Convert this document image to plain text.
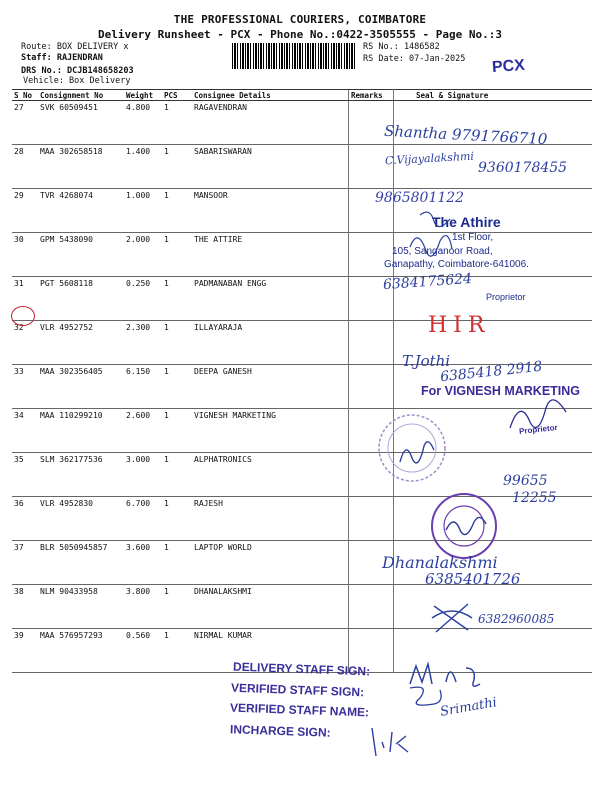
THE PROFESSIONAL COURIERS, COIMBATORE
Delivery Runsheet - PCX - Phone No.:0422-3505555 - Page No.:3
Route: BOX DELIVERY x
Staff: RAJENDRAN
DRS No.: DCJB148658203
Vehicle: Box Delivery
RS No.: 1486582
RS Date: 07-Jan-2025 PCX
S No	Consignment No	Weight	PCS	Consignee Details	Remarks	Seal & Signature
27	SVK 60509451	4.800	1	RAGAVENDRAN		
28	MAA 302658518	1.400	1	SABARISWARAN		
29	TVR 4268074	1.000	1	MANSOOR		
30	GPM 5438090	2.000	1	THE ATTIRE		
31	PGT 5608118	0.250	1	PADMANABAN ENGG		
32	VLR 4952752	2.300	1	ILLAYARAJA		
33	MAA 302356405	6.150	1	DEEPA GANESH		
34	MAA 110299210	2.600	1	VIGNESH MARKETING		
35	SLM 362177536	3.000	1	ALPHATRONICS		
36	VLR 4952830	6.700	1	RAJESH		
37	BLR 5050945857	3.600	1	LAPTOP WORLD		
38	NLM 90433958	3.800	1	DHANALAKSHMI		
39	MAA 576957293	0.560	1	NIRMAL KUMAR		
Shantha 9791766710
C.Vijayalakshmi
9360178455
9865801122
The Athire
1st Floor,
105, Sanganoor Road,
Ganapathy, Coimbatore-641006.
6384175624
Proprietor
HIR
T.Jothi
6385418 2918
For VIGNESH MARKETING
Proprietor
99655
12255
Dhanalakshmi
6385401726
6382960085
DELIVERY STAFF SIGN:
VERIFIED STAFF SIGN:
VERIFIED STAFF NAME:
INCHARGE SIGN:
Srimathi
